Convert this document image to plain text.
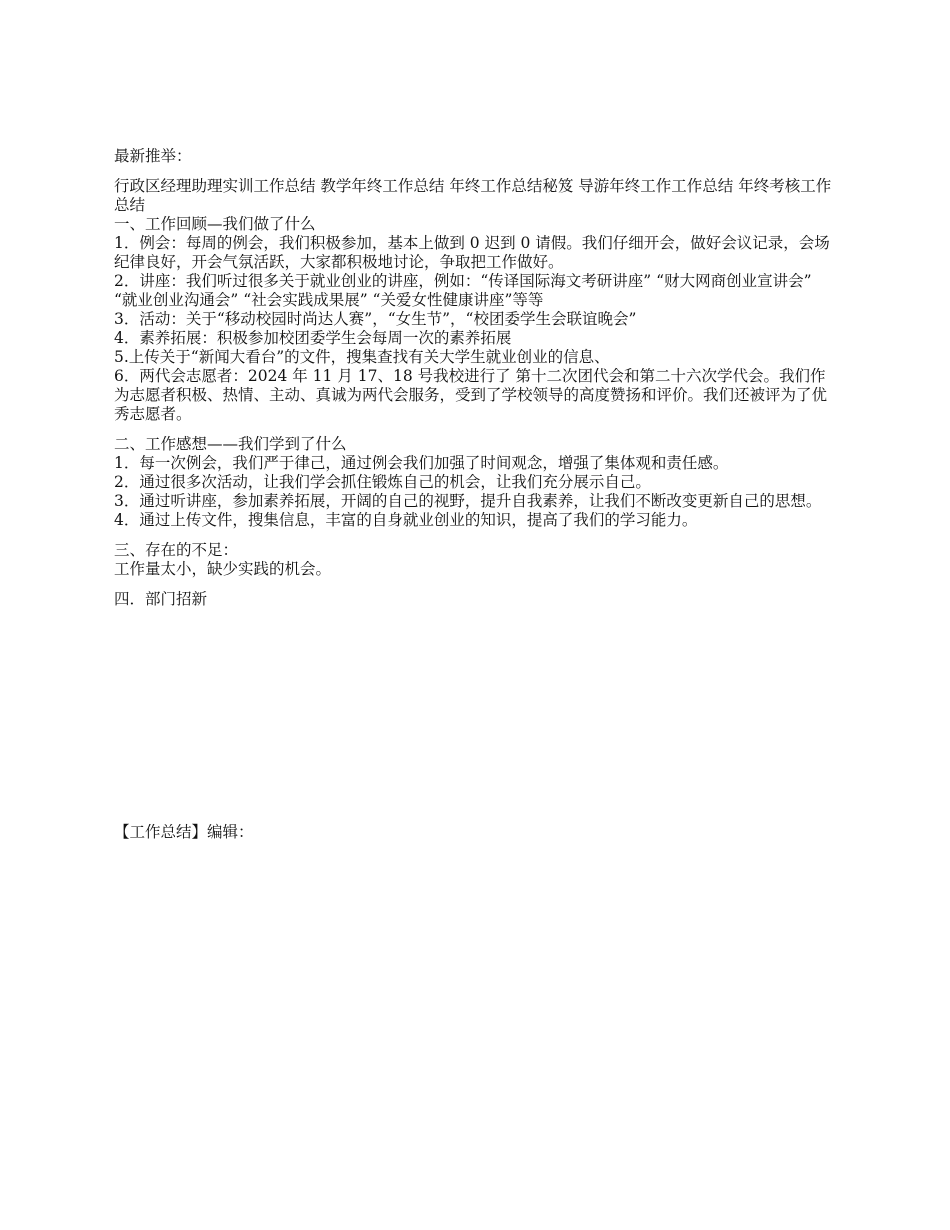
最新推举：
行政区经理助理实训工作总结 教学年终工作总结 年终工作总结秘笈 导游年终工作工作总结 年终考核工作总结
一、工作回顾—我们做了什么
1．例会：每周的例会，我们积极参加，基本上做到 0 迟到 0 请假。我们仔细开会，做好会议记录，会场纪律良好，开会气氛活跃，大家都积极地讨论，争取把工作做好。
2．讲座：我们听过很多关于就业创业的讲座，例如：“传译国际海文考研讲座” “财大网商创业宣讲会” “就业创业沟通会” “社会实践成果展” “关爱女性健康讲座”等等
3．活动：关于“移动校园时尚达人赛”，“女生节”，“校团委学生会联谊晚会”
4．素养拓展：积极参加校团委学生会每周一次的素养拓展
5.上传关于“新闻大看台”的文件，搜集查找有关大学生就业创业的信息、
6．两代会志愿者：2024 年 11 月 17、18 号我校进行了 第十二次团代会和第二十六次学代会。我们作为志愿者积极、热情、主动、真诚为两代会服务，受到了学校领导的高度赞扬和评价。我们还被评为了优秀志愿者。
二、工作感想——我们学到了什么
1．每一次例会，我们严于律己，通过例会我们加强了时间观念，增强了集体观和责任感。
2．通过很多次活动，让我们学会抓住锻炼自己的机会，让我们充分展示自己。
3．通过听讲座，参加素养拓展，开阔的自己的视野，提升自我素养，让我们不断改变更新自己的思想。
4．通过上传文件，搜集信息，丰富的自身就业创业的知识，提高了我们的学习能力。
三、存在的不足：
工作量太小，缺少实践的机会。
四．部门招新
【工作总结】编辑：
